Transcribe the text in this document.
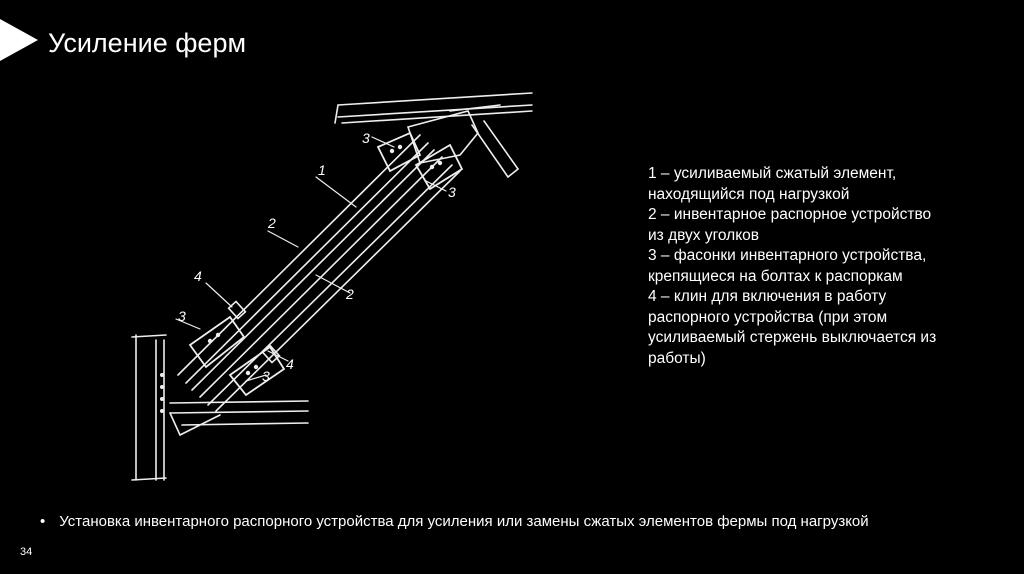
Усиление ферм
1
2
2
3
3
3
3
4
4
1 – усиливаемый сжатый элемент,
находящийся под нагрузкой
2 – инвентарное распорное устройство
из двух уголков
3 – фасонки инвентарного устройства,
крепящиеся на болтах к распоркам
4 – клин для включения в работу
распорного устройства (при этом
усиливаемый стержень выключается из
работы)
• Установка инвентарного распорного устройства для усиления или замены сжатых элементов фермы под нагрузкой
34
